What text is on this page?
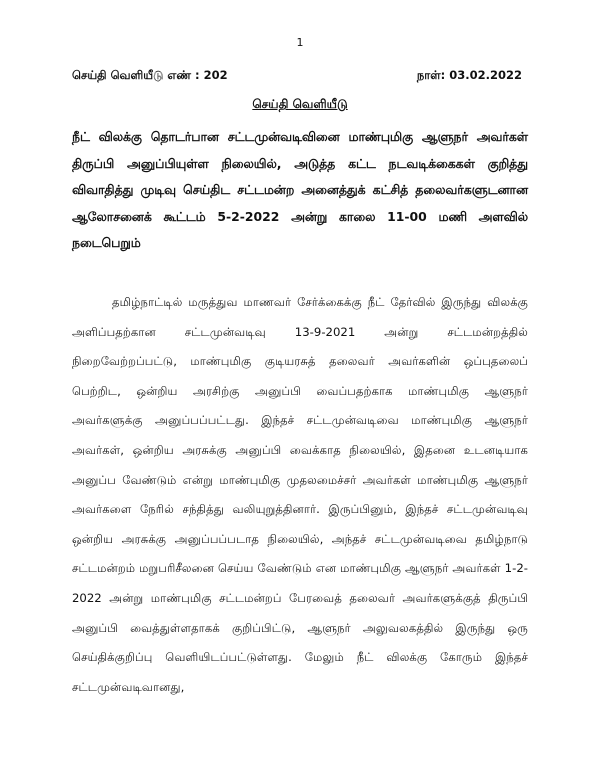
1
செய்தி வெளியீடு எண் : 202	நாள்: 03.02.2022
செய்தி வெளியீடு

நீட் விலக்கு தொடர்பான சட்டமுன்வடிவினை மாண்புமிகு ஆளுநர் அவர்கள் திருப்பி அனுப்பியுள்ள நிலையில், அடுத்த கட்ட நடவடிக்கைகள் குறித்து விவாதித்து முடிவு செய்திட சட்டமன்ற அனைத்துக் கட்சித் தலைவர்களுடனான ஆலோசனைக் கூட்டம் 5-2-2022 அன்று காலை 11-00 மணி அளவில் நடைபெறும்

தமிழ்நாட்டில் மருத்துவ மாணவர் சேர்க்கைக்கு நீட் தேர்வில் இருந்து விலக்கு அளிப்பதற்கான சட்டமுன்வடிவு 13-9-2021 அன்று சட்டமன்றத்தில் நிறைவேற்றப்பட்டு, மாண்புமிகு குடியரசுத் தலைவர் அவர்களின் ஒப்புதலைப் பெற்றிட, ஒன்றிய அரசிற்கு அனுப்பி வைப்பதற்காக மாண்புமிகு ஆளுநர் அவர்களுக்கு அனுப்பப்பட்டது. இந்தச் சட்டமுன்வடிவை மாண்புமிகு ஆளுநர் அவர்கள், ஒன்றிய அரசுக்கு அனுப்பி வைக்காத நிலையில், இதனை உடனடியாக அனுப்ப வேண்டும் என்று மாண்புமிகு முதலமைச்சர் அவர்கள் மாண்புமிகு ஆளுநர் அவர்களை நேரில் சந்தித்து வலியுறுத்தினார். இருப்பினும், இந்தச் சட்டமுன்வடிவு ஒன்றிய அரசுக்கு அனுப்பப்படாத நிலையில், அந்தச் சட்டமுன்வடிவை தமிழ்நாடு சட்டமன்றம் மறுபரிசீலனை செய்ய வேண்டும் என மாண்புமிகு ஆளுநர் அவர்கள் 1-2-2022 அன்று மாண்புமிகு சட்டமன்றப் பேரவைத் தலைவர் அவர்களுக்குத் திருப்பி அனுப்பி வைத்துள்ளதாகக் குறிப்பிட்டு, ஆளுநர் அலுவலகத்தில் இருந்து ஒரு செய்திக்குறிப்பு வெளியிடப்பட்டுள்ளது. மேலும் நீட் விலக்கு கோரும் இந்தச் சட்டமுன்வடிவானது,
